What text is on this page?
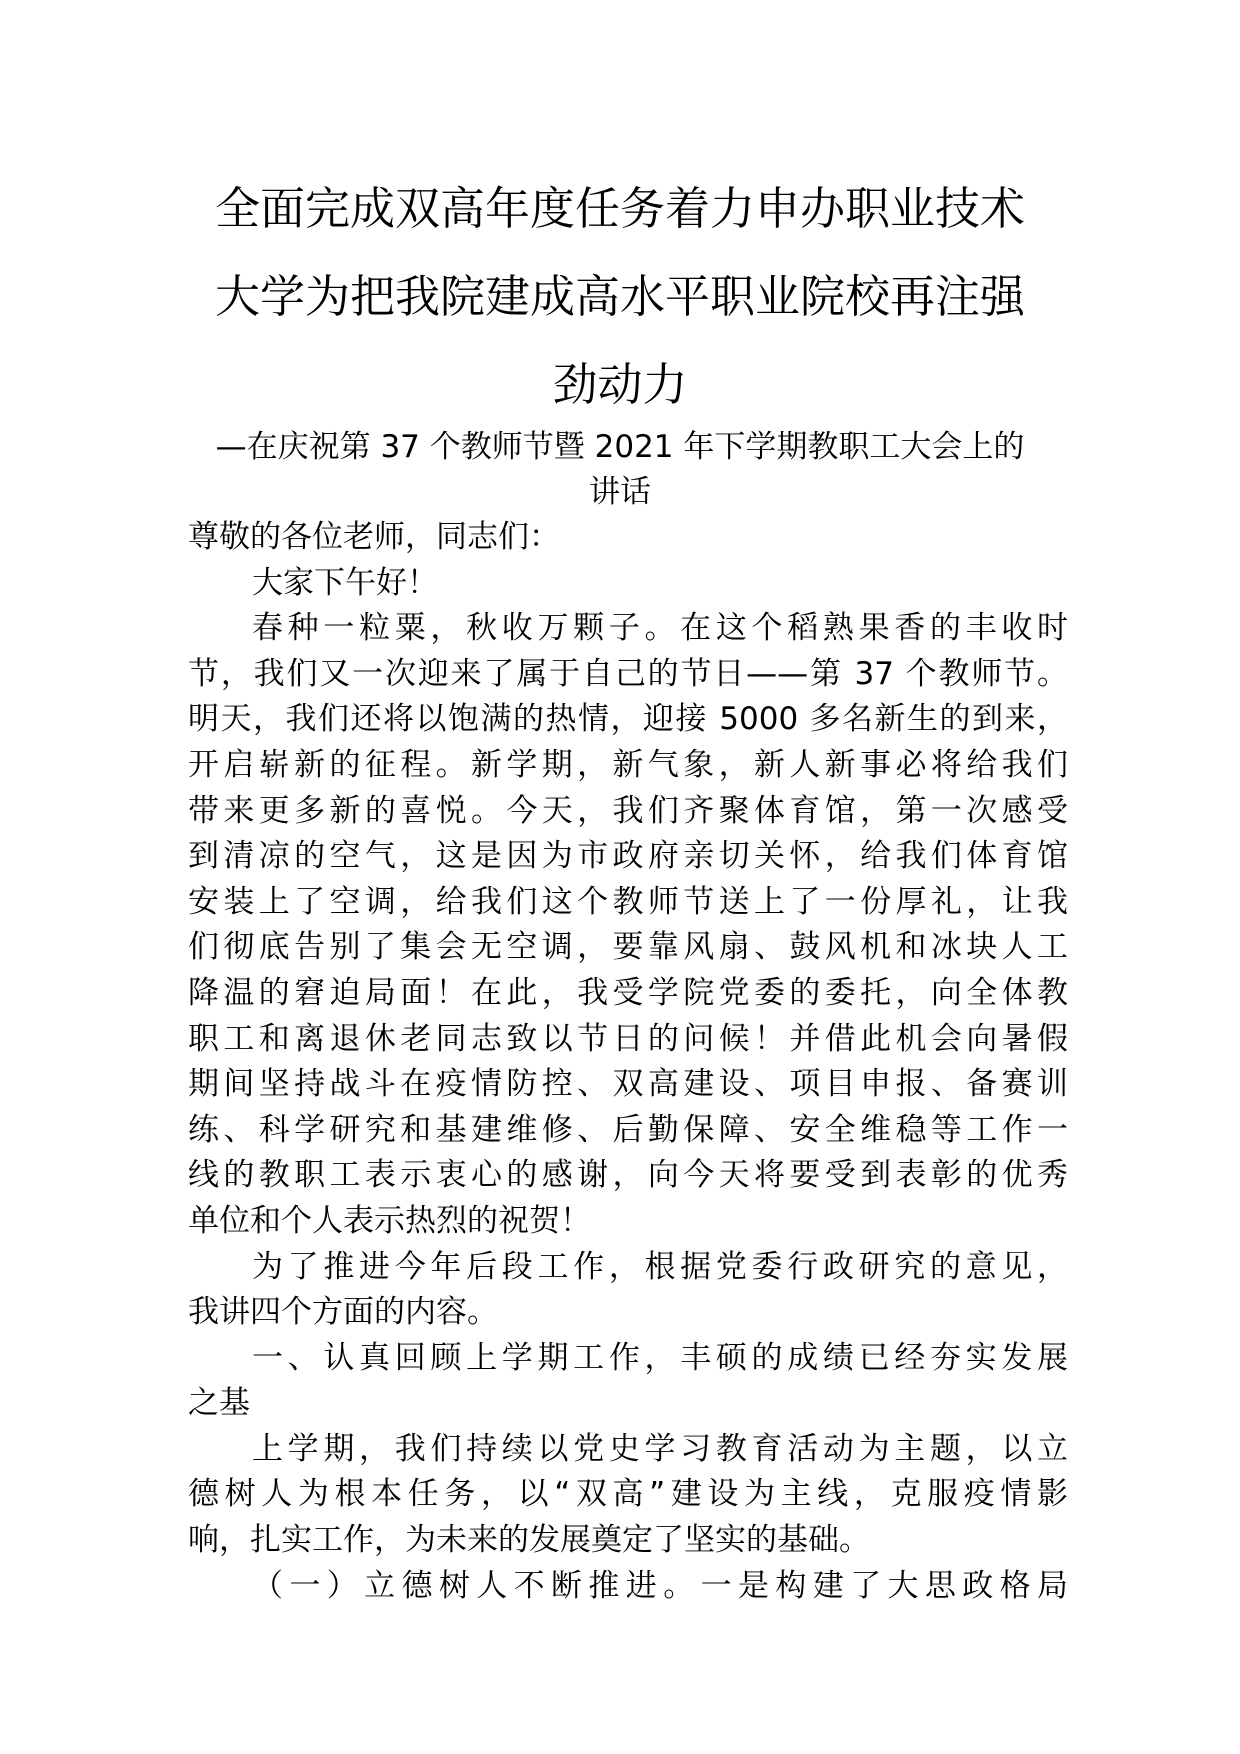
全面完成双高年度任务着力申办职业技术
大学为把我院建成高水平职业院校再注强
劲动力
—在庆祝第 37 个教师节暨 2021 年下学期教职工大会上的
讲话
尊敬的各位老师，同志们：
大家下午好！
春种一粒粟，秋收万颗子。在这个稻熟果香的丰收时
节，我们又一次迎来了属于自己的节日——第 37 个教师节。
明天，我们还将以饱满的热情，迎接 5000 多名新生的到来，
开启崭新的征程。新学期，新气象，新人新事必将给我们
带来更多新的喜悦。今天，我们齐聚体育馆，第一次感受
到清凉的空气，这是因为市政府亲切关怀，给我们体育馆
安装上了空调，给我们这个教师节送上了一份厚礼，让我
们彻底告别了集会无空调，要靠风扇、鼓风机和冰块人工
降温的窘迫局面！在此，我受学院党委的委托，向全体教
职工和离退休老同志致以节日的问候！并借此机会向暑假
期间坚持战斗在疫情防控、双高建设、项目申报、备赛训
练、科学研究和基建维修、后勤保障、安全维稳等工作一
线的教职工表示衷心的感谢，向今天将要受到表彰的优秀
单位和个人表示热烈的祝贺！
为了推进今年后段工作，根据党委行政研究的意见，
我讲四个方面的内容。
一、认真回顾上学期工作，丰硕的成绩已经夯实发展
之基
上学期，我们持续以党史学习教育活动为主题，以立
德树人为根本任务，以“双高”建设为主线，克服疫情影
响，扎实工作，为未来的发展奠定了坚实的基础。
（一）立德树人不断推进。一是构建了大思政格局
